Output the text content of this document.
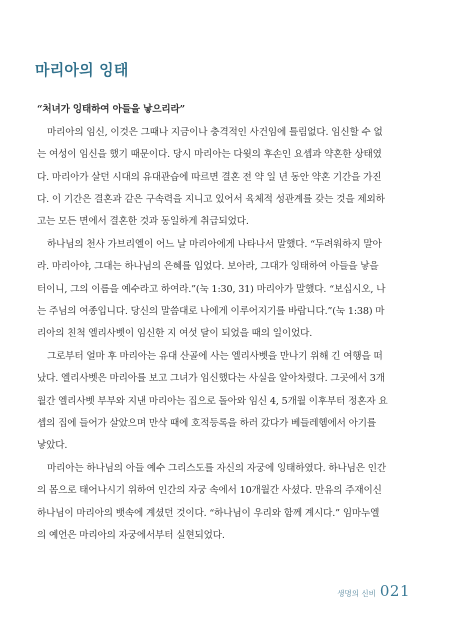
마리아의 잉태

“처녀가 잉태하여 아들을 낳으리라”

마리아의 임신, 이것은 그때나 지금이나 충격적인 사건임에 틀림없다. 임신할 수 없
는 여성이 임신을 했기 때문이다. 당시 마리아는 다윗의 후손인 요셉과 약혼한 상태였
다. 마리아가 살던 시대의 유대관습에 따르면 결혼 전 약 일 년 동안 약혼 기간을 가진
다. 이 기간은 결혼과 같은 구속력을 지니고 있어서 육체적 성관계를 갖는 것을 제외하
고는 모든 면에서 결혼한 것과 동일하게 취급되었다.

하나님의 천사 가브리엘이 어느 날 마리아에게 나타나서 말했다. “두려워하지 말아
라. 마리아야, 그대는 하나님의 은혜를 입었다. 보아라, 그대가 잉태하여 아들을 낳을
터이니, 그의 이름을 예수라고 하여라.”(눅 1:30, 31) 마리아가 말했다. “보십시오, 나
는 주님의 여종입니다. 당신의 말씀대로 나에게 이루어지기를 바랍니다.”(눅 1:38) 마
리아의 친척 엘리사벳이 임신한 지 여섯 달이 되었을 때의 일이었다.

그로부터 얼마 후 마리아는 유대 산골에 사는 엘리사벳을 만나기 위해 긴 여행을 떠
났다. 엘리사벳은 마리아를 보고 그녀가 임신했다는 사실을 알아차렸다. 그곳에서 3개
월간 엘리사벳 부부와 지낸 마리아는 집으로 돌아와 임신 4, 5개월 이후부터 정혼자 요
셉의 집에 들어가 살았으며 만삭 때에 호적등록을 하러 갔다가 베들레헴에서 아기를
낳았다.

마리아는 하나님의 아들 예수 그리스도를 자신의 자궁에 잉태하였다. 하나님은 인간
의 몸으로 태어나시기 위하여 인간의 자궁 속에서 10개월간 사셨다. 만유의 주재이신
하나님이 마리아의 뱃속에 계셨던 것이다. “하나님이 우리와 함께 계시다.” 임마누엘
의 예언은 마리아의 자궁에서부터 실현되었다.

생명의 신비 021
